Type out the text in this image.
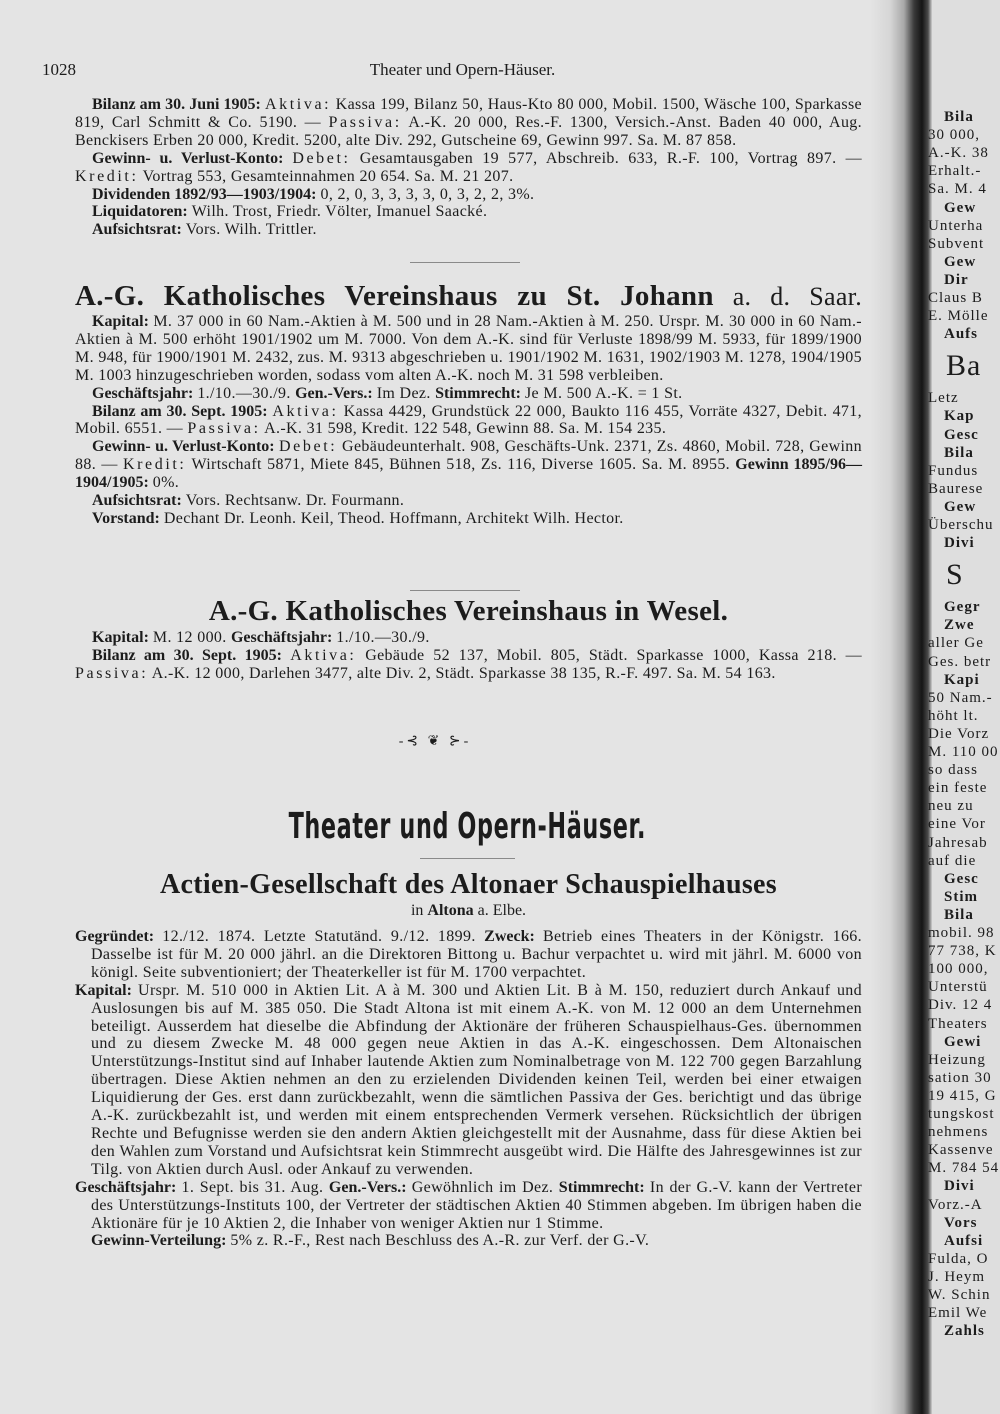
Bila
30 000,
A.-K. 38
Erhalt.-
Sa. M. 4
Gew
Unterha
Subvent
Gew
Dir
Claus B
E. Mölle
Aufs
Ba
Letz
Kap
Gesc
Bila
Fundus
Baurese
Gew
Überschu
Divi
S
Gegr
Zwe
aller Ge
Ges. betr
Kapi
50 Nam.-
höht lt.
Die Vorz
M. 110 00
so dass
ein feste
neu zu
eine Vor
Jahresab
auf die
Gesc
Stim
Bila
mobil. 98
77 738, K
100 000,
Unterstü
Div. 12 4
Theaters
Gewi
Heizung
sation 30
19 415, G
tungskost
nehmens
Kassenve
M. 784 54
Divi
Vorz.-A
Vors
Aufsi
Fulda, O
J. Heym
W. Schin
Emil We
Zahls
1028	Theater und Opern-Häuser.

Bilanz am 30. Juni 1905: Aktiva: Kassa 199, Bilanz 50, Haus-Kto 80 000, Mobil. 1500, Wäsche 100, Sparkasse 819, Carl Schmitt & Co. 5190. — Passiva: A.-K. 20 000, Res.-F. 1300, Versich.-Anst. Baden 40 000, Aug. Benckisers Erben 20 000, Kredit. 5200, alte Div. 292, Gutscheine 69, Gewinn 997. Sa. M. 87 858.

Gewinn- u. Verlust-Konto: Debet: Gesamtausgaben 19 577, Abschreib. 633, R.-F. 100, Vortrag 897. — Kredit: Vortrag 553, Gesamteinnahmen 20 654. Sa. M. 21 207.

Dividenden 1892/93—1903/1904: 0, 2, 0, 3, 3, 3, 3, 0, 3, 2, 2, 3%.

Liquidatoren: Wilh. Trost, Friedr. Völter, Imanuel Saacké.

Aufsichtsrat: Vors. Wilh. Trittler.

A.-G. Katholisches Vereinshaus zu St. Johann a. d. Saar.

Kapital: M. 37 000 in 60 Nam.-Aktien à M. 500 und in 28 Nam.-Aktien à M. 250. Urspr. M. 30 000 in 60 Nam.-Aktien à M. 500 erhöht 1901/1902 um M. 7000. Von dem A.-K. sind für Verluste 1898/99 M. 5933, für 1899/1900 M. 948, für 1900/1901 M. 2432, zus. M. 9313 abgeschrieben u. 1901/1902 M. 1631, 1902/1903 M. 1278, 1904/1905 M. 1003 hinzugeschrieben worden, sodass vom alten A.-K. noch M. 31 598 verbleiben.

Geschäftsjahr: 1./10.—30./9. Gen.-Vers.: Im Dez. Stimmrecht: Je M. 500 A.-K. = 1 St.

Bilanz am 30. Sept. 1905: Aktiva: Kassa 4429, Grundstück 22 000, Baukto 116 455, Vorräte 4327, Debit. 471, Mobil. 6551. — Passiva: A.-K. 31 598, Kredit. 122 548, Gewinn 88. Sa. M. 154 235.

Gewinn- u. Verlust-Konto: Debet: Gebäudeunterhalt. 908, Geschäfts-Unk. 2371, Zs. 4860, Mobil. 728, Gewinn 88. — Kredit: Wirtschaft 5871, Miete 845, Bühnen 518, Zs. 116, Diverse 1605. Sa. M. 8955. Gewinn 1895/96—1904/1905: 0%.

Aufsichtsrat: Vors. Rechtsanw. Dr. Fourmann.

Vorstand: Dechant Dr. Leonh. Keil, Theod. Hoffmann, Architekt Wilh. Hector.

A.-G. Katholisches Vereinshaus in Wesel.

Kapital: M. 12 000. Geschäftsjahr: 1./10.—30./9.

Bilanz am 30. Sept. 1905: Aktiva: Gebäude 52 137, Mobil. 805, Städt. Sparkasse 1000, Kassa 218. — Passiva: A.-K. 12 000, Darlehen 3477, alte Div. 2, Städt. Sparkasse 38 135, R.-F. 497. Sa. M. 54 163.

-⊰ ❦ ⊱-
Theater und Opern-Häuser.
Actien-Gesellschaft des Altonaer Schauspielhauses
in Altona a. Elbe.

Gegründet: 12./12. 1874. Letzte Statutänd. 9./12. 1899. Zweck: Betrieb eines Theaters in der Königstr. 166. Dasselbe ist für M. 20 000 jährl. an die Direktoren Bittong u. Bachur verpachtet u. wird mit jährl. M. 6000 von königl. Seite subventioniert; der Theaterkeller ist für M. 1700 verpachtet.

Kapital: Urspr. M. 510 000 in Aktien Lit. A à M. 300 und Aktien Lit. B à M. 150, reduziert durch Ankauf und Auslosungen bis auf M. 385 050. Die Stadt Altona ist mit einem A.-K. von M. 12 000 an dem Unternehmen beteiligt. Ausserdem hat dieselbe die Abfindung der Aktionäre der früheren Schauspielhaus-Ges. übernommen und zu diesem Zwecke M. 48 000 gegen neue Aktien in das A.-K. eingeschossen. Dem Altonaischen Unterstützungs-Institut sind auf Inhaber lautende Aktien zum Nominalbetrage von M. 122 700 gegen Barzahlung übertragen. Diese Aktien nehmen an den zu erzielenden Dividenden keinen Teil, werden bei einer etwaigen Liquidierung der Ges. erst dann zurückbezahlt, wenn die sämtlichen Passiva der Ges. berichtigt und das übrige A.-K. zurückbezahlt ist, und werden mit einem entsprechenden Vermerk versehen. Rücksichtlich der übrigen Rechte und Befugnisse werden sie den andern Aktien gleichgestellt mit der Ausnahme, dass für diese Aktien bei den Wahlen zum Vorstand und Aufsichtsrat kein Stimmrecht ausgeübt wird. Die Hälfte des Jahresgewinnes ist zur Tilg. von Aktien durch Ausl. oder Ankauf zu verwenden.

Geschäftsjahr: 1. Sept. bis 31. Aug. Gen.-Vers.: Gewöhnlich im Dez. Stimmrecht: In der G.-V. kann der Vertreter des Unterstützungs-Instituts 100, der Vertreter der städtischen Aktien 40 Stimmen abgeben. Im übrigen haben die Aktionäre für je 10 Aktien 2, die Inhaber von weniger Aktien nur 1 Stimme.

Gewinn-Verteilung: 5% z. R.-F., Rest nach Beschluss des A.-R. zur Verf. der G.-V.
